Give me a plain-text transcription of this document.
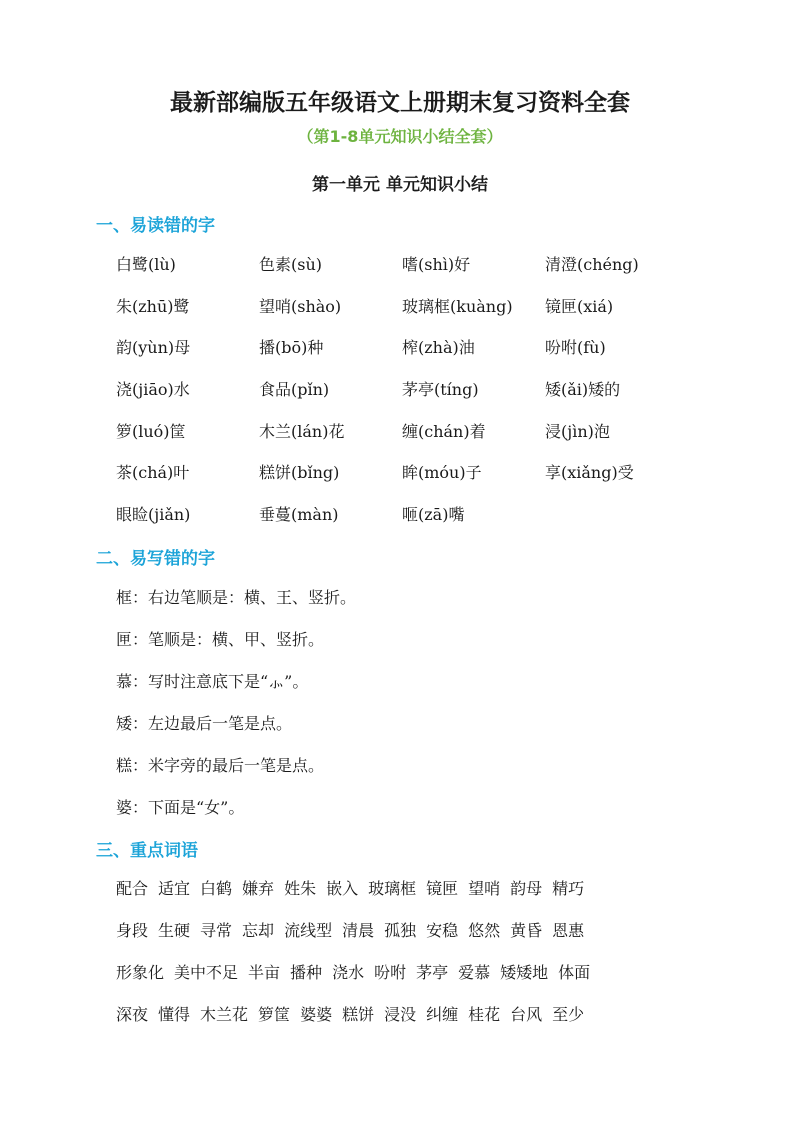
最新部编版五年级语文上册期末复习资料全套
（第1-8单元知识小结全套）
第一单元 单元知识小结
一、易读错的字
白鹭(lù)	色素(sù)	嗜(shì)好	清澄(chéng)
朱(zhū)鹭	望哨(shào)	玻璃框(kuàng)	镜匣(xiá)
韵(yùn)母	播(bō)种	榨(zhà)油	吩咐(fù)
浇(jiāo)水	食品(pǐn)	茅亭(tíng)	矮(ǎi)矮的
箩(luó)筐	木兰(lán)花	缠(chán)着	浸(jìn)泡
茶(chá)叶	糕饼(bǐng)	眸(móu)子	享(xiǎng)受
眼睑(jiǎn)	垂蔓(màn)	咂(zā)嘴
二、易写错的字
框：右边笔顺是：横、王、竖折。
匣：笔顺是：横、甲、竖折。
慕：写时注意底下是“⺗”。
矮：左边最后一笔是点。
糕：米字旁的最后一笔是点。
婆：下面是“女”。
三、重点词语
配合 适宜 白鹤 嫌弃 姓朱 嵌入 玻璃框 镜匣 望哨 韵母 精巧
身段 生硬 寻常 忘却 流线型 清晨 孤独 安稳 悠然 黄昏 恩惠
形象化 美中不足 半亩 播种 浇水 吩咐 茅亭 爱慕 矮矮地 体面
深夜 懂得 木兰花 箩筐 婆婆 糕饼 浸没 纠缠 桂花 台风 至少
